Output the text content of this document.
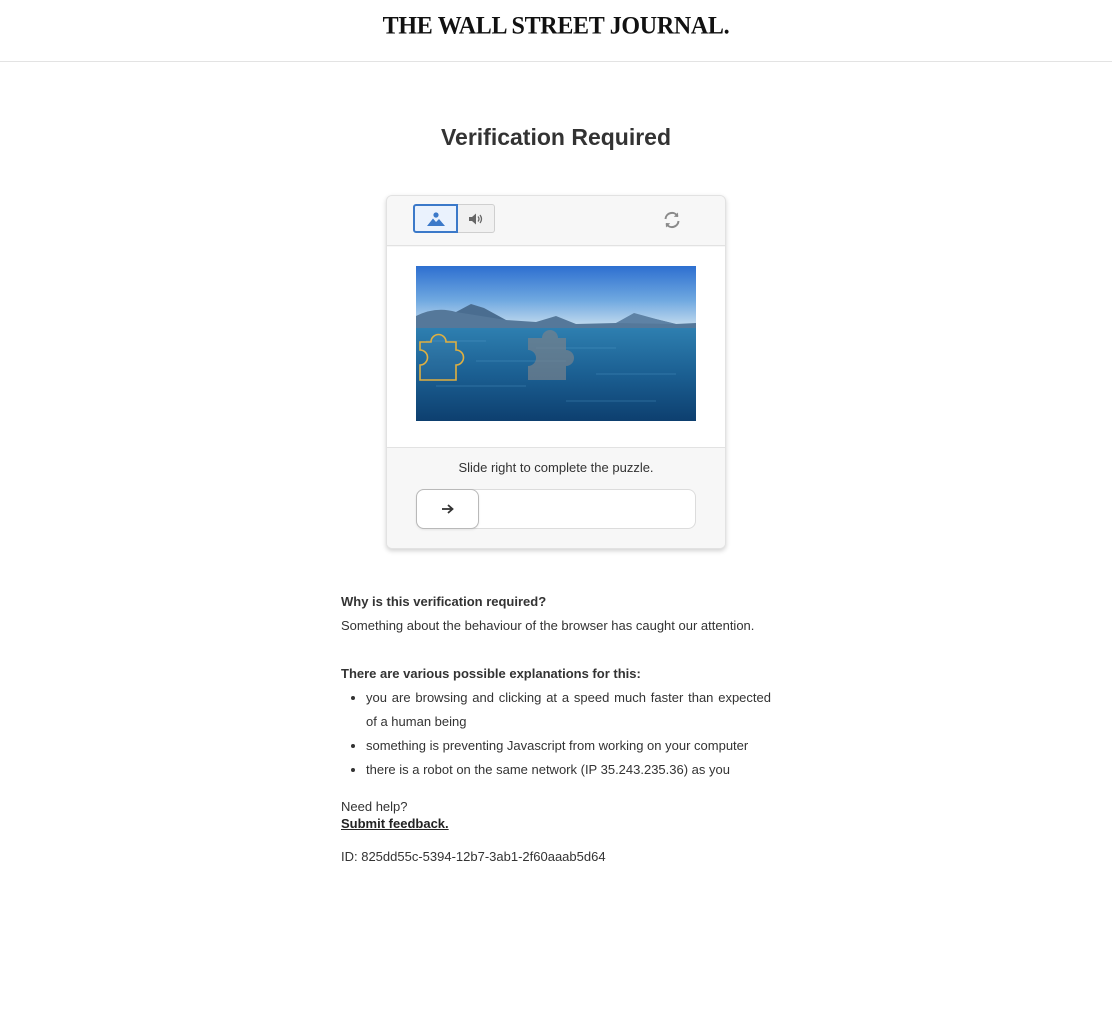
THE WALL STREET JOURNAL.
Verification Required
Slide right to complete the puzzle.
Why is this verification required?
Something about the behaviour of the browser has caught our attention.
There are various possible explanations for this:
• you are browsing and clicking at a speed much faster than expected of a human being
• something is preventing Javascript from working on your computer
• there is a robot on the same network (IP 35.243.235.36) as you
Need help?
Submit feedback.
ID: 825dd55c-5394-12b7-3ab1-2f60aaab5d64
